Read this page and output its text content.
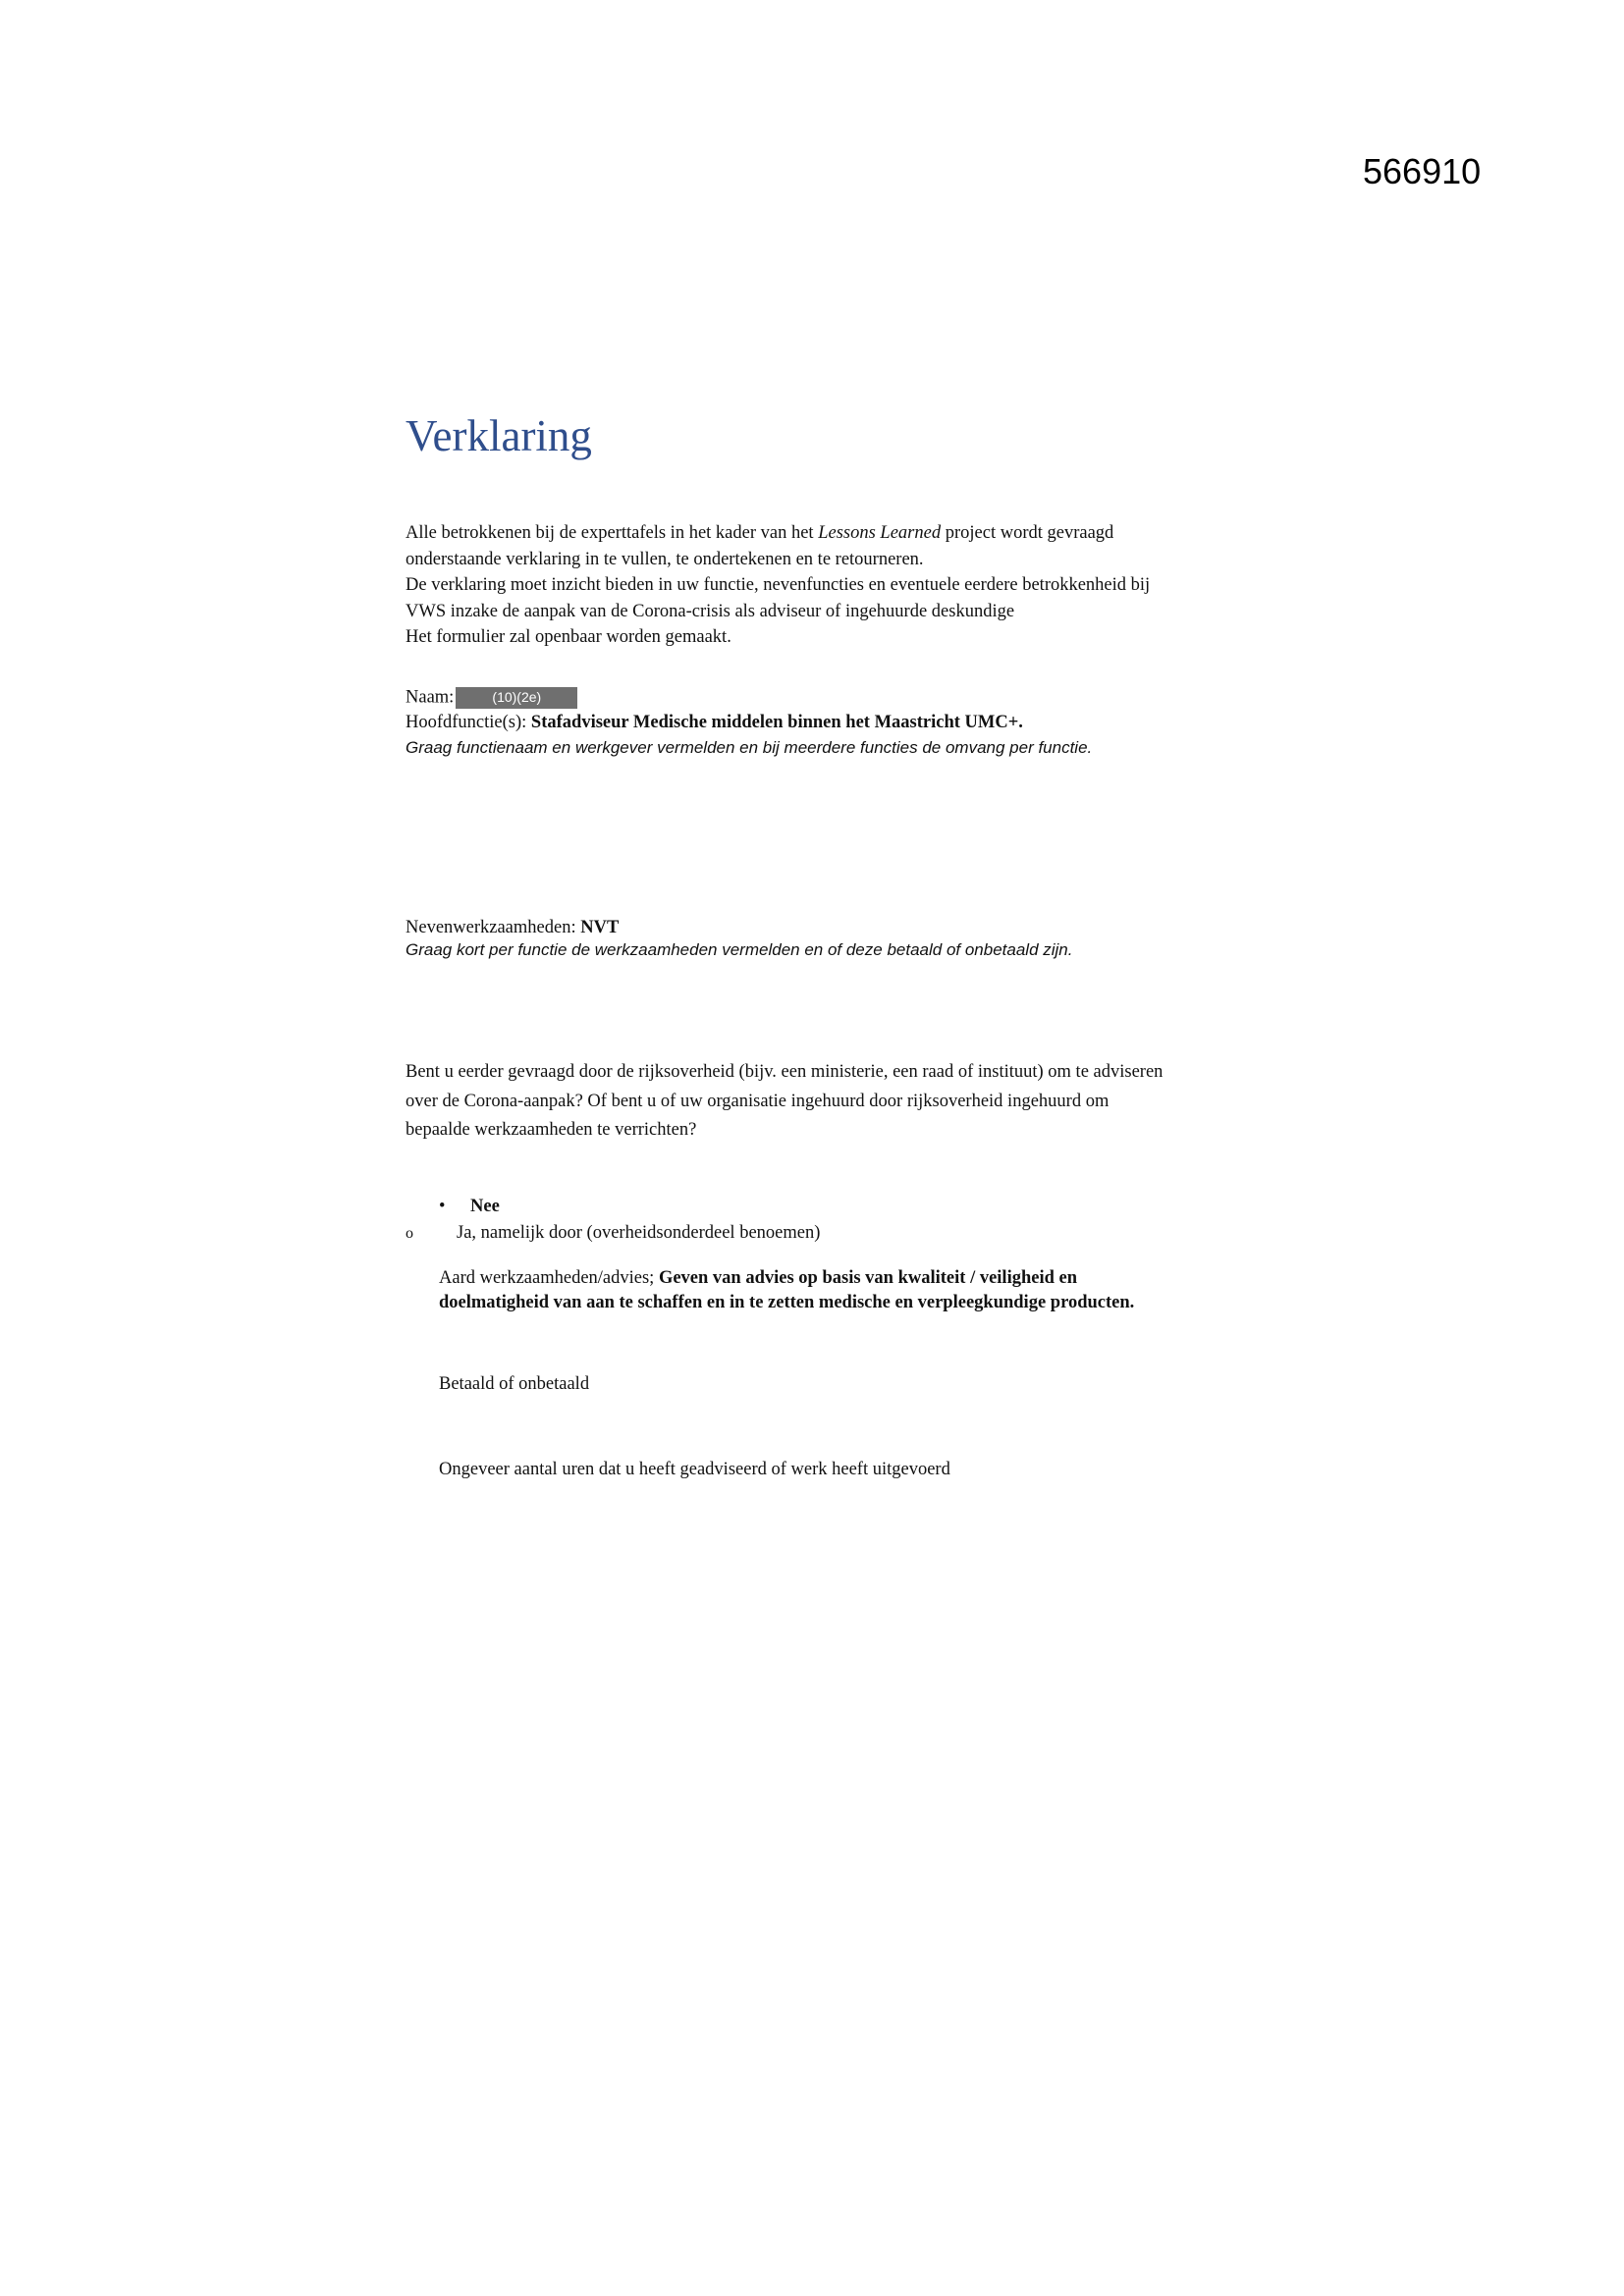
566910
Verklaring
Alle betrokkenen bij de experttafels in het kader van het Lessons Learned project wordt gevraagd
onderstaande verklaring in te vullen, te ondertekenen en te retourneren.
De verklaring moet inzicht bieden in uw functie, nevenfuncties en eventuele eerdere betrokkenheid bij
VWS inzake de aanpak van de Corona-crisis als adviseur of ingehuurde deskundige
Het formulier zal openbaar worden gemaakt.
Naam:	(10)(2e)
Hoofdfunctie(s): Stafadviseur Medische middelen binnen het Maastricht UMC+.
Graag functienaam en werkgever vermelden en bij meerdere functies de omvang per functie.
Nevenwerkzaamheden: NVT
Graag kort per functie de werkzaamheden vermelden en of deze betaald of onbetaald zijn.
Bent u eerder gevraagd door de rijksoverheid (bijv. een ministerie, een raad of instituut) om te adviseren
over de Corona-aanpak? Of bent u of uw organisatie ingehuurd door rijksoverheid ingehuurd om
bepaalde werkzaamheden te verrichten?
• Nee
o Ja, namelijk door (overheidsonderdeel benoemen)
Aard werkzaamheden/advies; Geven van advies op basis van kwaliteit / veiligheid en
doelmatigheid van aan te schaffen en in te zetten medische en verpleegkundige producten.
Betaald of onbetaald
Ongeveer aantal uren dat u heeft geadviseerd of werk heeft uitgevoerd
